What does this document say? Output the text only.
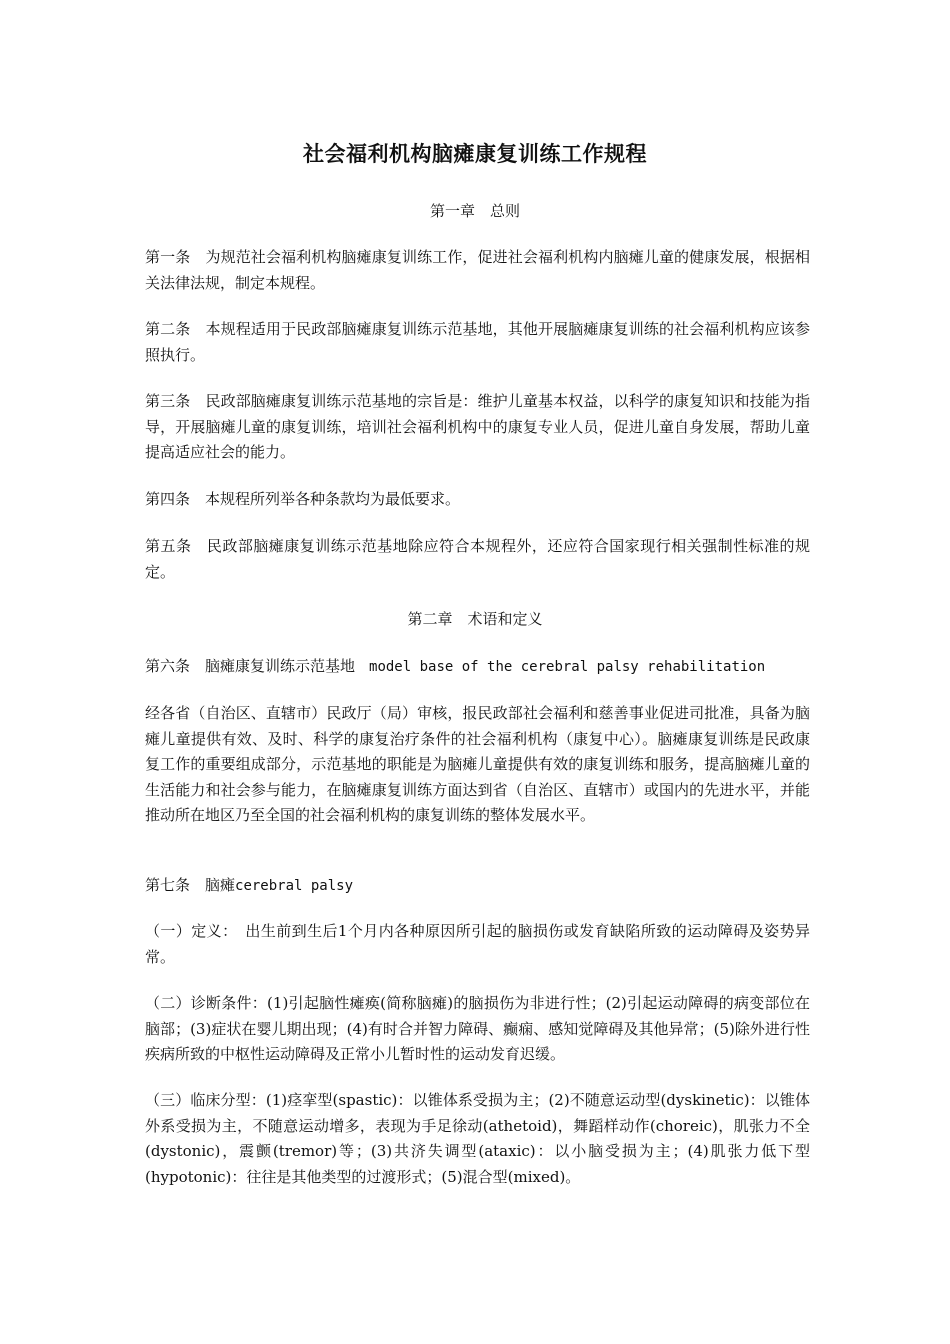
社会福利机构脑瘫康复训练工作规程
第一章　总则

第一条　为规范社会福利机构脑瘫康复训练工作，促进社会福利机构内脑瘫儿童的健康发展，根据相关法律法规，制定本规程。

第二条　本规程适用于民政部脑瘫康复训练示范基地，其他开展脑瘫康复训练的社会福利机构应该参照执行。

第三条　民政部脑瘫康复训练示范基地的宗旨是：维护儿童基本权益，以科学的康复知识和技能为指导，开展脑瘫儿童的康复训练，培训社会福利机构中的康复专业人员，促进儿童自身发展，帮助儿童提高适应社会的能力。

第四条　本规程所列举各种条款均为最低要求。

第五条　民政部脑瘫康复训练示范基地除应符合本规程外，还应符合国家现行相关强制性标准的规定。

第二章　术语和定义

第六条　脑瘫康复训练示范基地 model base of the cerebral palsy rehabilitation

经各省（自治区、直辖市）民政厅（局）审核，报民政部社会福利和慈善事业促进司批准，具备为脑瘫儿童提供有效、及时、科学的康复治疗条件的社会福利机构（康复中心）。脑瘫康复训练是民政康复工作的重要组成部分，示范基地的职能是为脑瘫儿童提供有效的康复训练和服务，提高脑瘫儿童的生活能力和社会参与能力，在脑瘫康复训练方面达到省（自治区、直辖市）或国内的先进水平，并能推动所在地区乃至全国的社会福利机构的康复训练的整体发展水平。

第七条　脑瘫cerebral palsy

（一）定义：　出生前到生后1个月内各种原因所引起的脑损伤或发育缺陷所致的运动障碍及姿势异常。

（二）诊断条件：(1)引起脑性瘫痪(简称脑瘫)的脑损伤为非进行性；(2)引起运动障碍的病变部位在脑部；(3)症状在婴儿期出现；(4)有时合并智力障碍、癫痫、感知觉障碍及其他异常；(5)除外进行性疾病所致的中枢性运动障碍及正常小儿暂时性的运动发育迟缓。

（三）临床分型：(1)痉挛型(spastic)：以锥体系受损为主；(2)不随意运动型(dyskinetic)：以锥体外系受损为主，不随意运动增多，表现为手足徐动(athetoid)，舞蹈样动作(choreic)，肌张力不全(dystonic)，震颤(tremor)等；(3)共济失调型(ataxic)：以小脑受损为主；(4)肌张力低下型(hypotonic)：往往是其他类型的过渡形式；(5)混合型(mixed)。
